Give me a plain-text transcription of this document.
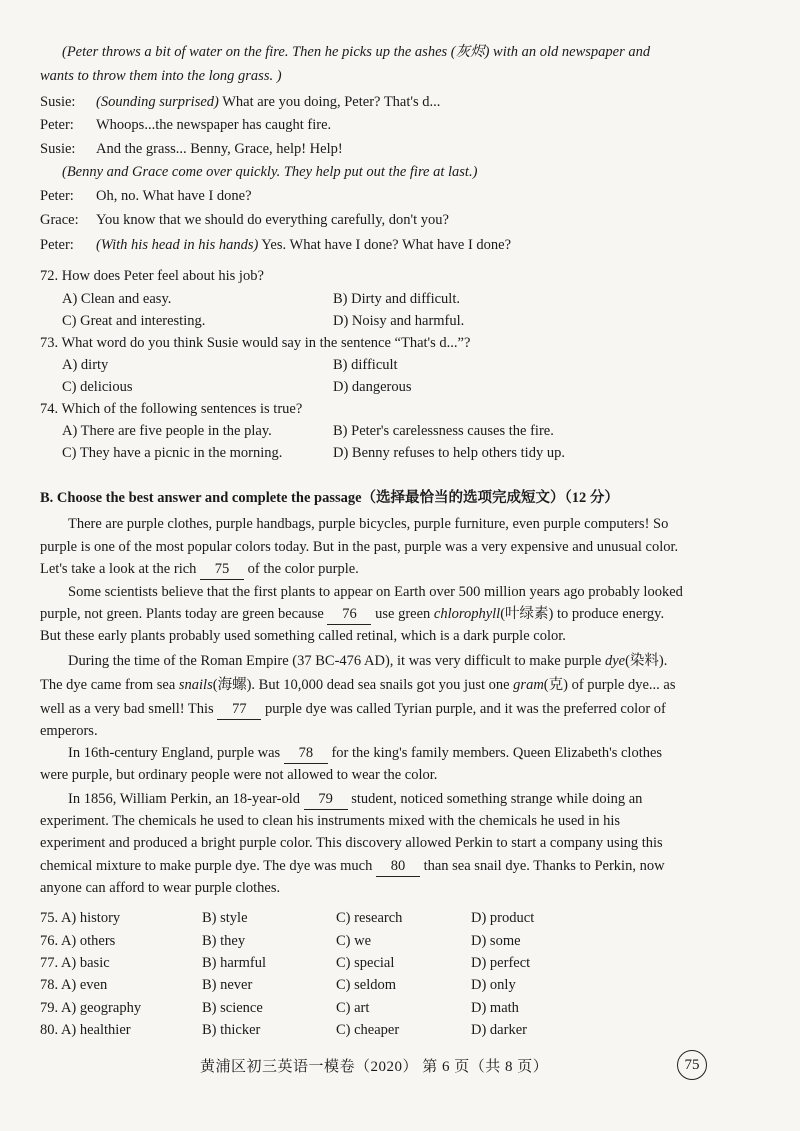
(Peter throws a bit of water on the fire. Then he picks up the ashes (灰烬) with an old newspaper and
wants to throw them into the long grass. )
Susie: (Sounding surprised) What are you doing, Peter? That's d...
Peter: Whoops...the newspaper has caught fire.
Susie: And the grass... Benny, Grace, help! Help!
(Benny and Grace come over quickly. They help put out the fire at last.)
Peter: Oh, no. What have I done?
Grace: You know that we should do everything carefully, don't you?
Peter: (With his head in his hands) Yes. What have I done? What have I done?
72. How does Peter feel about his job?
A) Clean and easy.	B) Dirty and difficult.
C) Great and interesting.	D) Noisy and harmful.
73. What word do you think Susie would say in the sentence “That's d...”?
A) dirty	B) difficult
C) delicious	D) dangerous
74. Which of the following sentences is true?
A) There are five people in the play.	B) Peter's carelessness causes the fire.
C) They have a picnic in the morning.	D) Benny refuses to help others tidy up.
B. Choose the best answer and complete the passage（选择最恰当的选项完成短文）（12 分）
There are purple clothes, purple handbags, purple bicycles, purple furniture, even purple computers! So
purple is one of the most popular colors today. But in the past, purple was a very expensive and unusual color.
Let's take a look at the rich 75 of the color purple.
Some scientists believe that the first plants to appear on Earth over 500 million years ago probably looked
purple, not green. Plants today are green because 76 use green chlorophyll(叶绿素) to produce energy.
But these early plants probably used something called retinal, which is a dark purple color.
During the time of the Roman Empire (37 BC-476 AD), it was very difficult to make purple dye(染料).
The dye came from sea snails(海螺). But 10,000 dead sea snails got you just one gram(克) of purple dye... as
well as a very bad smell! This 77 purple dye was called Tyrian purple, and it was the preferred color of
emperors.
In 16th-century England, purple was 78 for the king's family members. Queen Elizabeth's clothes
were purple, but ordinary people were not allowed to wear the color.
In 1856, William Perkin, an 18-year-old 79 student, noticed something strange while doing an
experiment. The chemicals he used to clean his instruments mixed with the chemicals he used in his
experiment and produced a bright purple color. This discovery allowed Perkin to start a company using this
chemical mixture to make purple dye. The dye was much 80 than sea snail dye. Thanks to Perkin, now
anyone can afford to wear purple clothes.
75. A) history	B) style	C) research	D) product
76. A) others	B) they	C) we	D) some
77. A) basic	B) harmful	C) special	D) perfect
78. A) even	B) never	C) seldom	D) only
79. A) geography	B) science	C) art	D) math
80. A) healthier	B) thicker	C) cheaper	D) darker
黄浦区初三英语一模卷（2020） 第 6 页（共 8 页）	75
